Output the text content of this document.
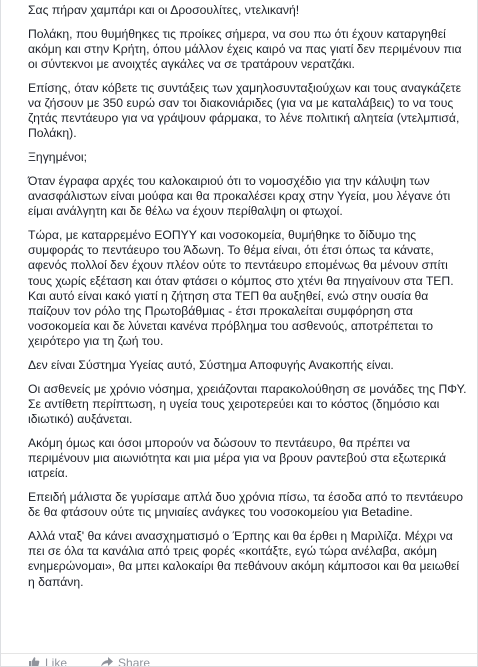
Σας πήραν χαμπάρι και οι Δροσουλίτες, ντελικανή!

Πολάκη, που θυμήθηκες τις προίκες σήμερα, να σου πω ότι έχουν καταργηθεί ακόμη και στην Κρήτη, όπου μάλλον έχεις καιρό να πας γιατί δεν περιμένουν πια οι σύντεκνοι με ανοιχτές αγκάλες να σε τρατάρουν νερατζάκι.

Επίσης, όταν κόβετε τις συντάξεις των χαμηλοσυνταξιούχων και τους αναγκάζετε να ζήσουν με 350 ευρώ σαν τοι διακονιάριδες (για να με καταλάβεις) το να τους ζητάς πεντάευρο για να γράψουν φάρμακα, το λένε πολιτική αλητεία (ντελμπισά, Πολάκη).

Ξηγημένοι;

Όταν έγραφα αρχές του καλοκαιριού ότι το νομοσχέδιο για την κάλυψη των ανασφάλιστων είναι μούφα και θα προκαλέσει κραχ στην Υγεία, μου λέγανε ότι είμαι ανάλγητη και δε θέλω να έχουν περίθαλψη οι φτωχοί.

Τώρα, με καταρρεμένο ΕΟΠΥΥ και νοσοκομεία, θυμήθηκε το δίδυμο της συμφοράς το πεντάευρο του Άδωνη. Το θέμα είναι, ότι έτσι όπως τα κάνατε, αφενός πολλοί δεν έχουν πλέον ούτε το πεντάευρο επομένως θα μένουν σπίτι τους χωρίς εξέταση και όταν φτάσει ο κόμπος στο χτένι θα πηγαίνουν στα ΤΕΠ. Και αυτό είναι κακό γιατί η ζήτηση στα ΤΕΠ θα αυξηθεί, ενώ στην ουσία θα παίζουν τον ρόλο της Πρωτοβάθμιας - έτσι προκαλείται συμφόρηση στα νοσοκομεία και δε λύνεται κανένα πρόβλημα του ασθενούς, αποτρέπεται το χειρότερο για τη ζωή του.

Δεν είναι Σύστημα Υγείας αυτό, Σύστημα Αποφυγής Ανακοπής είναι.

Οι ασθενείς με χρόνιο νόσημα, χρειάζονται παρακολούθηση σε μονάδες της ΠΦΥ. Σε αντίθετη περίπτωση, η υγεία τους χειροτερεύει και το κόστος (δημόσιο και ιδιωτικό) αυξάνεται.

Ακόμη όμως και όσοι μπορούν να δώσουν το πεντάευρο, θα πρέπει να περιμένουν μια αιωνιότητα και μια μέρα για να βρουν ραντεβού στα εξωτερικά ιατρεία.

Επειδή μάλιστα δε γυρίσαμε απλά δυο χρόνια πίσω, τα έσοδα από το πεντάευρο δε θα φτάσουν ούτε τις μηνιαίες ανάγκες του νοσοκομείου για Betadine.

Αλλά νταξ' θα κάνει ανασχηματισμό ο Έρπης και θα έρθει η Μαριλίζα. Μέχρι να πει σε όλα τα κανάλια από τρεις φορές «κοιτάξτε, εγώ τώρα ανέλαβα, ακόμη ενημερώνομαι», θα μπει καλοκαίρι θα πεθάνουν ακόμη κάμποσοι και θα μειωθεί η δαπάνη.

Like	Share
